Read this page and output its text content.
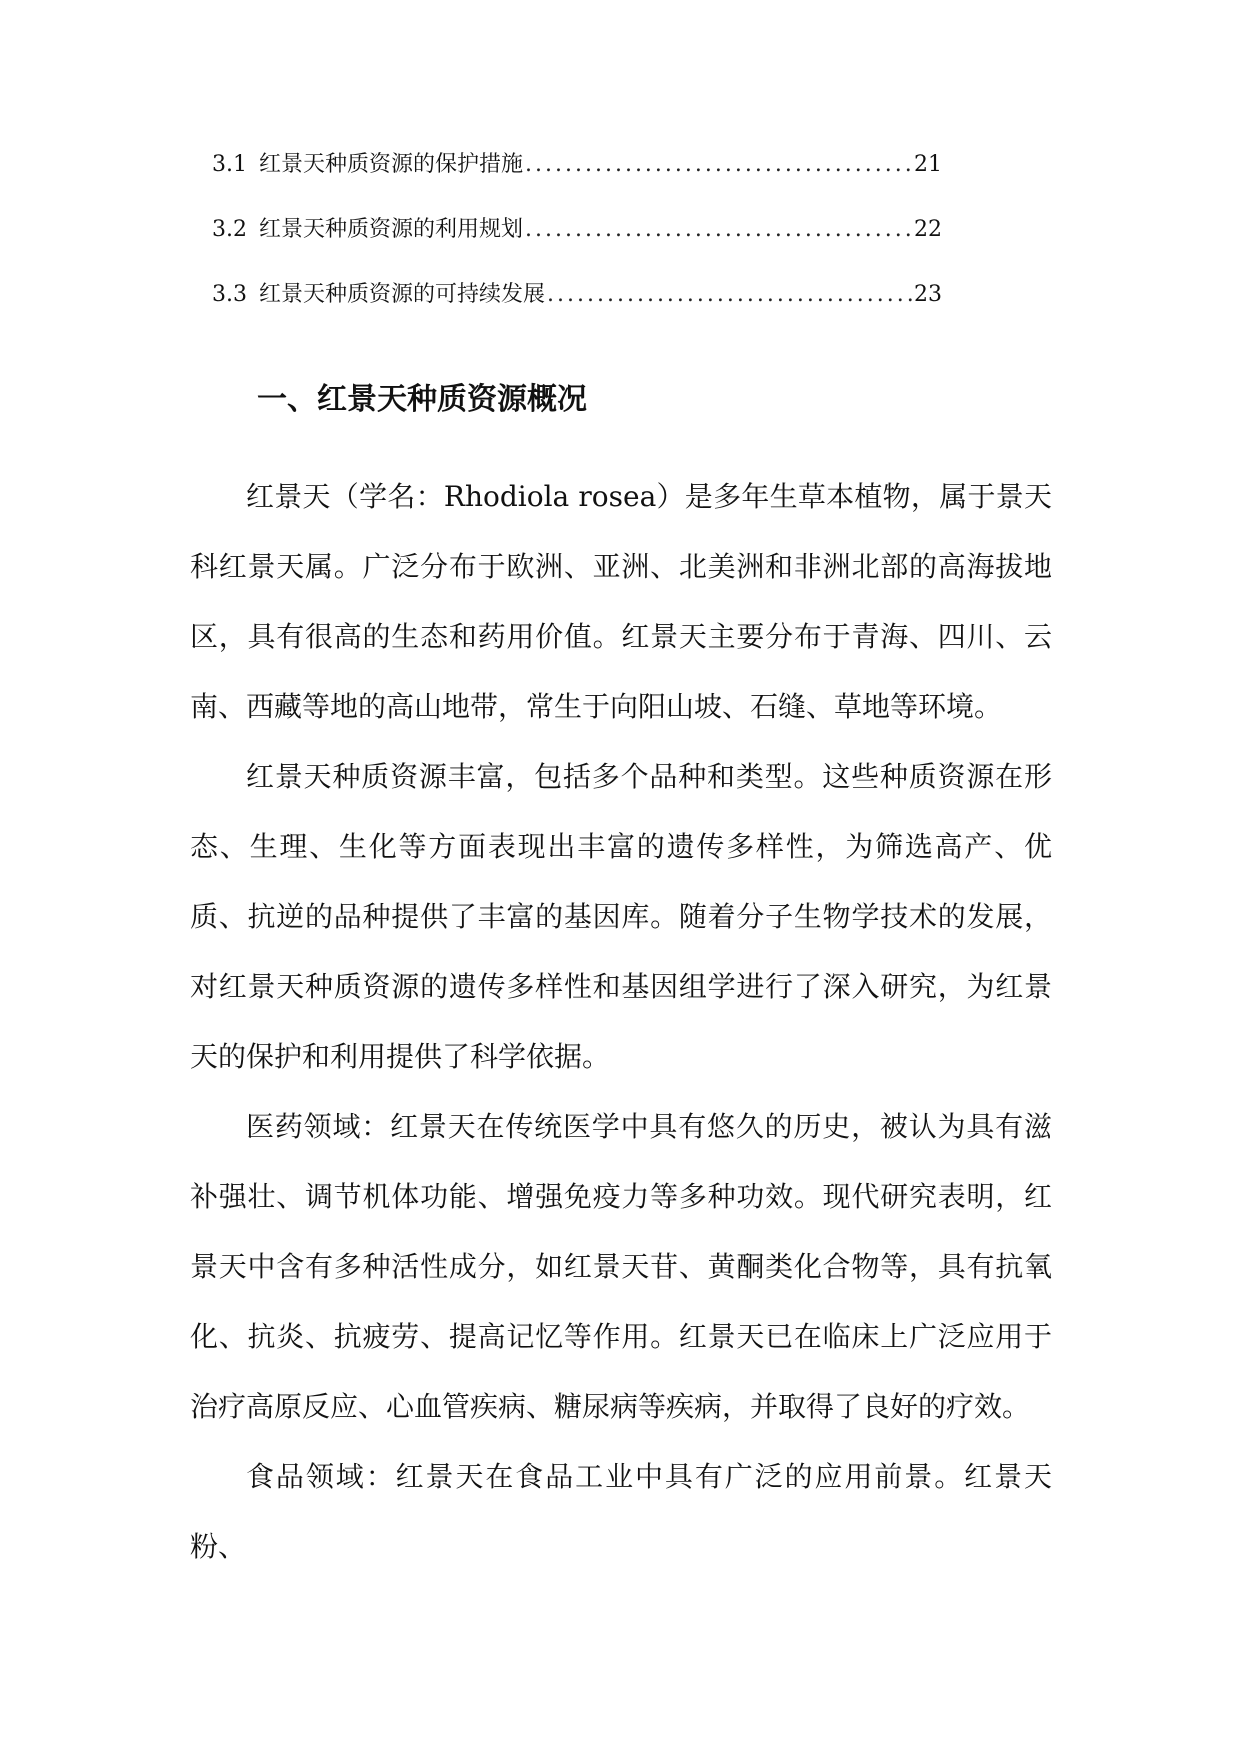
3.1 红景天种质资源的保护措施 .....	21
3.2 红景天种质资源的利用规划 .....	22
3.3 红景天种质资源的可持续发展 .....	23
一、红景天种质资源概况

红景天（学名：Rhodiola rosea）是多年生草本植物，属于景天科红景天属。广泛分布于欧洲、亚洲、北美洲和非洲北部的高海拔地区，具有很高的生态和药用价值。红景天主要分布于青海、四川、云南、西藏等地的高山地带，常生于向阳山坡、石缝、草地等环境。

红景天种质资源丰富，包括多个品种和类型。这些种质资源在形态、生理、生化等方面表现出丰富的遗传多样性，为筛选高产、优质、抗逆的品种提供了丰富的基因库。随着分子生物学技术的发展，对红景天种质资源的遗传多样性和基因组学进行了深入研究，为红景天的保护和利用提供了科学依据。

医药领域：红景天在传统医学中具有悠久的历史，被认为具有滋补强壮、调节机体功能、增强免疫力等多种功效。现代研究表明，红景天中含有多种活性成分，如红景天苷、黄酮类化合物等，具有抗氧化、抗炎、抗疲劳、提高记忆等作用。红景天已在临床上广泛应用于治疗高原反应、心血管疾病、糖尿病等疾病，并取得了良好的疗效。

食品领域：红景天在食品工业中具有广泛的应用前景。红景天粉、
